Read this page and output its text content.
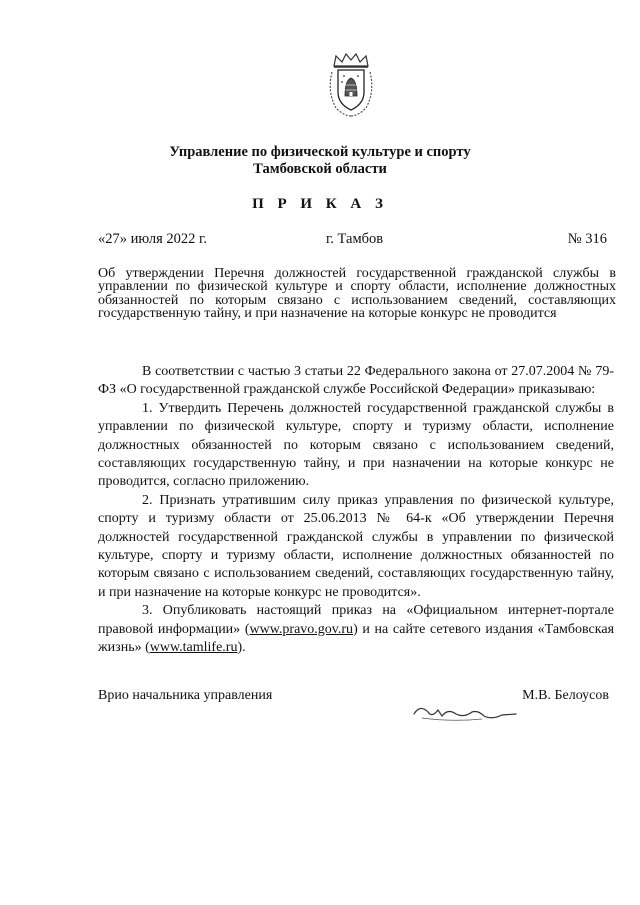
Управление по физической культуре и спорту
Тамбовской области
П Р И К А З
«27» июля 2022 г.	г. Тамбов	№ 316
Об утверждении Перечня должностей государственной гражданской службы в управлении по физической культуре и спорту области, исполнение должностных обязанностей по которым связано с использованием сведений, составляющих государственную тайну, и при назначение на которые конкурс не проводится

В соответствии с частью 3 статьи 22 Федерального закона от 27.07.2004 № 79-ФЗ «О государственной гражданской службе Российской Федерации» приказываю:

1. Утвердить Перечень должностей государственной гражданской службы в управлении по физической культуре, спорту и туризму области, исполнение должностных обязанностей по которым связано с использованием сведений, составляющих государственную тайну, и при назначении на которые конкурс не проводится, согласно приложению.

2. Признать утратившим силу приказ управления по физической культуре, спорту и туризму области от 25.06.2013 № 64-к «Об утверждении Перечня должностей государственной гражданской службы в управлении по физической культуре, спорту и туризму области, исполнение должностных обязанностей по которым связано с использованием сведений, составляющих государственную тайну, и при назначение на которые конкурс не проводится».

3. Опубликовать настоящий приказ на «Официальном интернет-портале правовой информации» (www.pravo.gov.ru) и на сайте сетевого издания «Тамбовская жизнь» (www.tamlife.ru).

Врио начальника управления	М.В. Белоусов
